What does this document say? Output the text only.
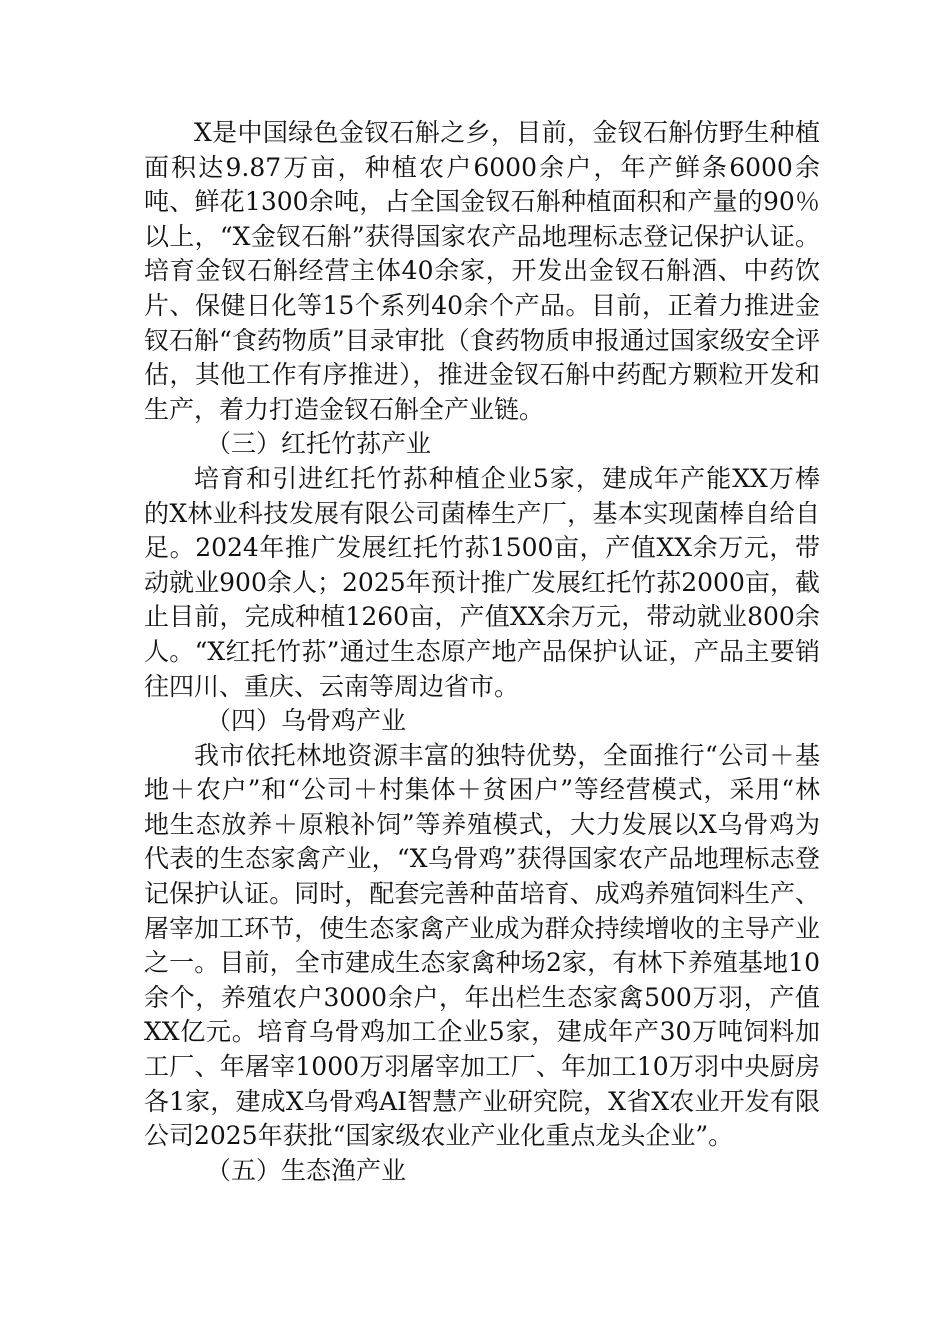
X是中国绿色金钗石斛之乡，目前，金钗石斛仿野生种植面积达9.87万亩，种植农户6000余户，年产鲜条6000余吨、鲜花1300余吨，占全国金钗石斛种植面积和产量的90％以上，“X金钗石斛”获得国家农产品地理标志登记保护认证。培育金钗石斛经营主体40余家，开发出金钗石斛酒、中药饮片、保健日化等15个系列40余个产品。目前，正着力推进金钗石斛“食药物质”目录审批（食药物质申报通过国家级安全评估，其他工作有序推进），推进金钗石斛中药配方颗粒开发和生产，着力打造金钗石斛全产业链。

（三）红托竹荪产业

培育和引进红托竹荪种植企业5家，建成年产能XX万棒的X林业科技发展有限公司菌棒生产厂，基本实现菌棒自给自足。2024年推广发展红托竹荪1500亩，产值XX余万元，带动就业900余人；2025年预计推广发展红托竹荪2000亩，截止目前，完成种植1260亩，产值XX余万元，带动就业800余人。“X红托竹荪”通过生态原产地产品保护认证，产品主要销往四川、重庆、云南等周边省市。

（四）乌骨鸡产业

我市依托林地资源丰富的独特优势，全面推行“公司＋基地＋农户”和“公司＋村集体＋贫困户”等经营模式，采用“林地生态放养＋原粮补饲”等养殖模式，大力发展以X乌骨鸡为代表的生态家禽产业，“X乌骨鸡”获得国家农产品地理标志登记保护认证。同时，配套完善种苗培育、成鸡养殖饲料生产、屠宰加工环节，使生态家禽产业成为群众持续增收的主导产业之一。目前，全市建成生态家禽种场2家，有林下养殖基地10余个，养殖农户3000余户，年出栏生态家禽500万羽，产值XX亿元。培育乌骨鸡加工企业5家，建成年产30万吨饲料加工厂、年屠宰1000万羽屠宰加工厂、年加工10万羽中央厨房各1家，建成X乌骨鸡AI智慧产业研究院，X省X农业开发有限公司2025年获批“国家级农业产业化重点龙头企业”。

（五）生态渔产业
